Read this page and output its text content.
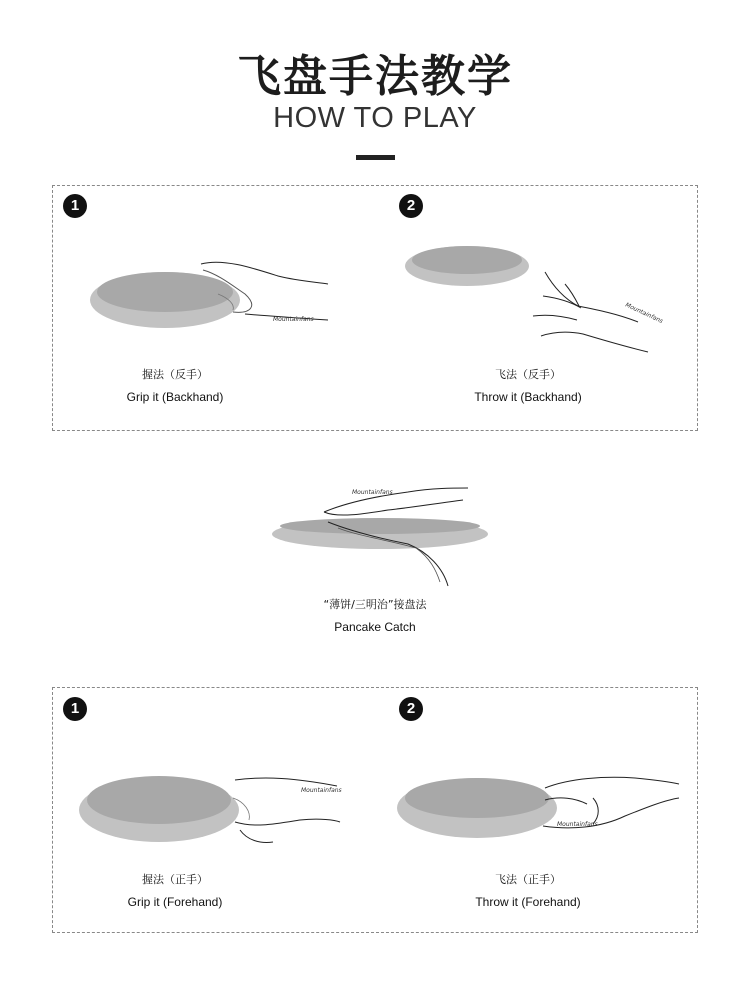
飞盘手法教学
HOW TO PLAY
1	2
Mountainfans	Mountainfans
握法（反手）
Grip it (Backhand)
飞法（反手）
Throw it (Backhand)
Mountainfans
“薄饼/三明治”接盘法
Pancake Catch
1	2
Mountainfans
Mountainfans
握法（正手）
Grip it (Forehand)
飞法（正手）
Throw it (Forehand)
